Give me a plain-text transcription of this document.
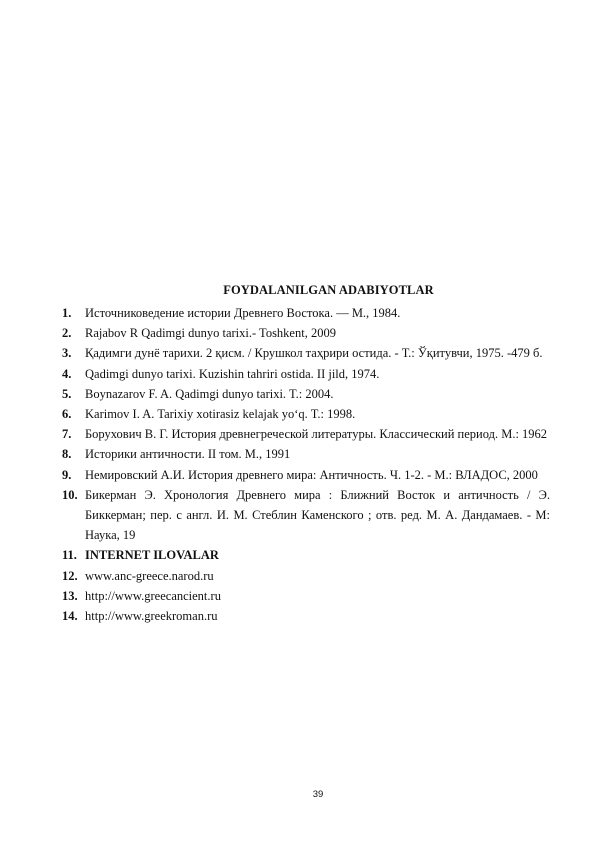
FOYDALANILGAN ADABIYOTLAR
1. Источниковедение истории Древнего Востока. — М., 1984.
2. Rajabov R Qadimgi dunyo tarixi.- Toshkent, 2009
3. Қадимги дунё тарихи. 2 қисм. / Крушкол таҳрири остида. - Т.: Ўқитувчи, 1975. -479 б.
4. Qadimgi dunyo tarixi. Kuzishin tahriri ostida. II jild, 1974.
5. Boynazarov F. A. Qadimgi dunyo tarixi. T.: 2004.
6. Karimov I. A. Tarixiy xotirasiz kelajak yo‘q. T.: 1998.
7. Борухович В. Г. История древнегреческой литературы. Классический период. М.: 1962
8. Историки античности. II том. М., 1991
9. Немировский А.И. История древнего мира: Античность. Ч. 1-2. - М.: ВЛАДОС, 2000
10. Бикерман Э. Хронология Древнего мира : Ближний Восток и античность / Э. Биккерман; пер. с англ. И. М. Стеблин Каменского ; отв. ред. М. А. Дандамаев. - М: Наука, 19
11. INTERNET ILOVALAR
12. www.anc-greece.narod.ru
13. http://www.greecancient.ru
14. http://www.greekroman.ru
39
